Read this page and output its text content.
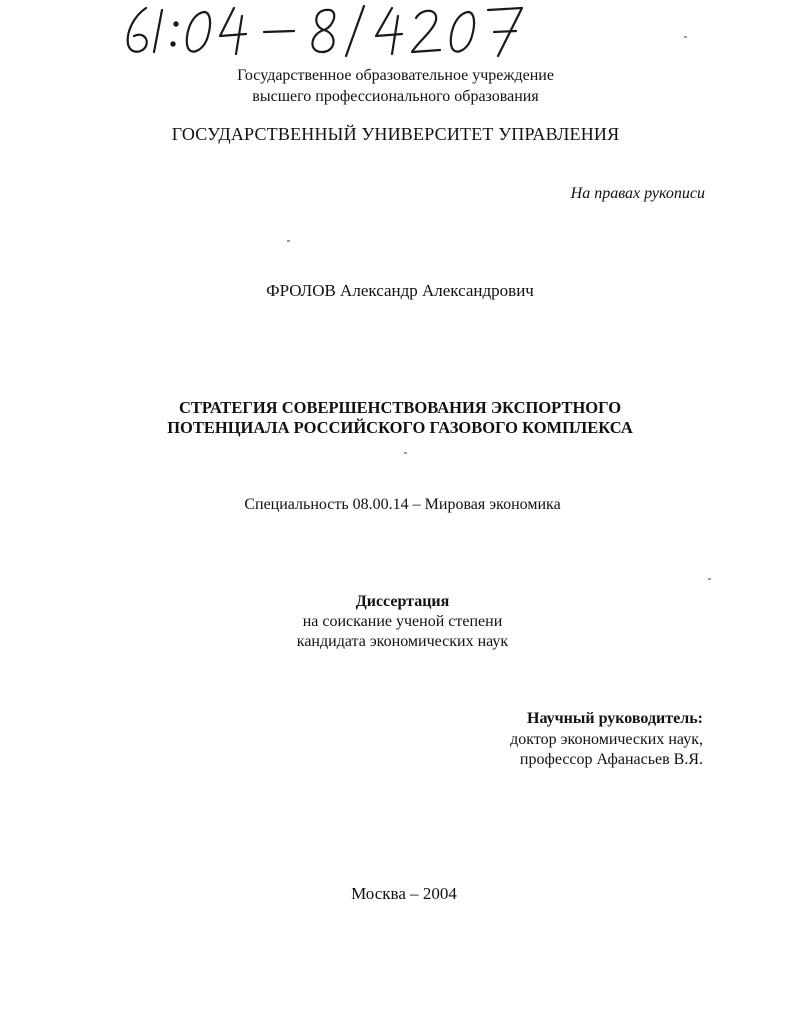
Государственное образовательное учреждение
высшего профессионального образования
ГОСУДАРСТВЕННЫЙ УНИВЕРСИТЕТ УПРАВЛЕНИЯ
На правах рукописи
ФРОЛОВ Александр Александрович
СТРАТЕГИЯ СОВЕРШЕНСТВОВАНИЯ ЭКСПОРТНОГО
ПОТЕНЦИАЛА РОССИЙСКОГО ГАЗОВОГО КОМПЛЕКСА
Специальность 08.00.14 – Мировая экономика
Диссертация
на соискание ученой степени
кандидата экономических наук
Научный руководитель:
доктор экономических наук,
профессор Афанасьев В.Я.
Москва – 2004
